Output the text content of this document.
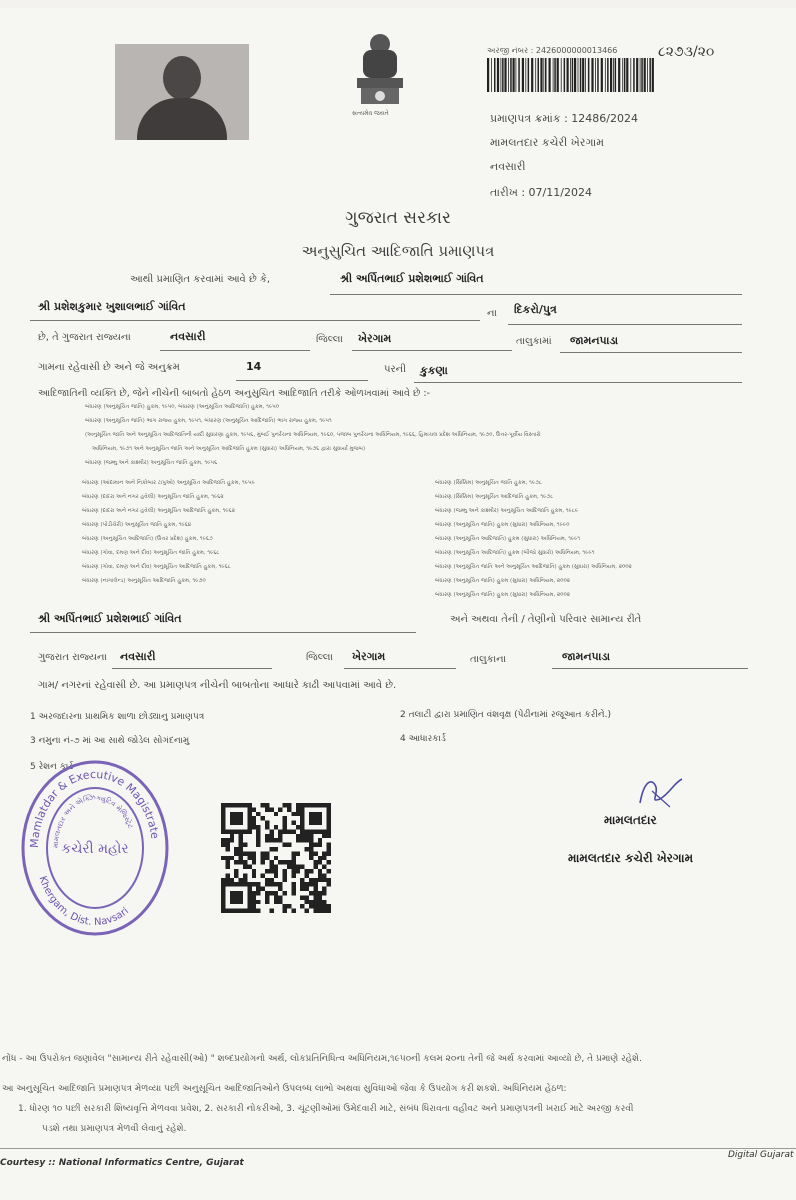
સત્યમેવ જયતે
અરજી નંબર : 2426000000013466	૮૨૭૩/૨૦
પ્રમાણપત્ર ક્રમાંક : 12486/2024
મામલતદાર કચેરી ખેરગામ
નવસારી
તારીખ : 07/11/2024
ગુજરાત સરકાર
અનુસુચિત આદિજાતિ પ્રમાણપત્ર
આથી પ્રમાણિત કરવામાં આવે છે કે,	શ્રી અર્પિતભાઈ પ્રશેશભાઈ ગાંવિત
શ્રી પ્રશેશકુમાર ખુશાલભાઈ ગાંવિત
ના દિકરો/પુત્ર
છે, તે ગુજરાત રાજ્યના	નવસારી	જિલ્લા ખેરગામ	તાલુકામાં જામનપાડા
ગામના રહેવાસી છે અને જે અનુક્રમ	14	પરની કુકણા
આદિજાતિની વ્યક્તિ છે, જેને નીચેની બાબતો હેઠળ અનુસુચિત આદિજાતિ તરીકે ઓળખવામાં આવે છે :-
બંધારણ (અનુસૂચિત જાતિ) હુકમ, ૧૯૫૦, બંધારણ (અનુસૂચિત આદિજાતિ) હુકમ, ૧૯૫૦
બંધારણ (અનુસૂચિત જાતિ) ભાગ રાજ્ય હુકમ, ૧૯૫૧, બંધારણ (અનુસૂચિત આદિજાતિ) ભાગ રાજ્ય હુકમ, ૧૯૫૧
(અનુસૂચિત જાતિ અને અનુસૂચિત આદિજાતિની યાદી સુધારણા હુકમ, ૧૯૫૬, મુંબઈ પુનર્રચના અધિનિયમ, ૧૯૬૦, પંજાબ પુનર્રચના અધિનિયમ, ૧૯૬૬, હિમાચલ પ્રદેશ અધિનિયમ, ૧૯૭૦, ઉત્તર-પૂર્વીય વિસ્તારો
અધિનિયમ, ૧૯૭૧ અને અનુસૂચિત જાતિ અને અનુસૂચિત આદિજાતિ હુકમ (સુધારા) અધિનિયમ, ૧૯૭૬ દ્વારા સુધાર્યા મુજબ)
બંધારણ (જમ્મુ અને કાશ્મીર) અનુસૂચિત જાતિ હુકમ, ૧૯૫૬
બંધારણ (આંદામાન અને નિકોબાર ટાપુઓ) અનુસૂચિત આદિજાતિ હુકમ, ૧૯૫૯
બંધારણ (દાદરા અને નગર હવેલી) અનુસૂચિત જાતિ હુકમ, ૧૯૬૨
બંધારણ (દાદરા અને નગર હવેલી) અનુસૂચિત આદિજાતિ હુકમ, ૧૯૬૨
બંધારણ (પોંડીચેરી) અનુસૂચિત જાતિ હુકમ, ૧૯૬૪
બંધારણ (અનુસૂચિત આદિજાતિ) (ઉત્તર પ્રદેશ) હુકમ, ૧૯૬૭
બંધારણ (ગોવા, દમણ અને દીવ) અનુસૂચિત જાતિ હુકમ, ૧૯૬૮
બંધારણ (ગોવા, દમણ અને દીવ) અનુસૂચિત આદિજાતિ હુકમ, ૧૯૬૮
બંધારણ (નાગાલેન્ડ) અનુસૂચિત આદિજાતિ હુકમ, ૧૯૭૦
બંધારણ (સિક્કિમ) અનુસૂચિત જાતિ હુકમ, ૧૯૭૮
બંધારણ (સિક્કિમ) અનુસૂચિત આદિજાતિ હુકમ, ૧૯૭૮
બંધારણ (જમ્મુ અને કાશ્મીર) અનુસૂચિત આદિજાતિ હુકમ, ૧૯૮૯
બંધારણ (અનુસૂચિત જાતિ) હુકમ (સુધારા) અધિનિયમ, ૧૯૯૦
બંધારણ (અનુસૂચિત આદિજાતિ) હુકમ (સુધારા) અધિનિયમ, ૧૯૯૧
બંધારણ (અનુસૂચિત આદિજાતિ) હુકમ (બીજો સુધારો) અધિનિયમ, ૧૯૯૧
બંધારણ (અનુસૂચિત જાતિ અને અનુસૂચિત આદિજાતિ) હુકમ (સુધારા) અધિનિયમ, ૨૦૦૨
બંધારણ (અનુસૂચિત જાતિ) હુકમ (સુધારા) અધિનિયમ, ૨૦૦૨
બંધારણ (અનુસૂચિત જાતિ) હુકમ (સુધારા) અધિનિયમ, ૨૦૦૨
શ્રી અર્પિતભાઈ પ્રશેશભાઈ ગાંવિત	અને અથવા તેની / તેણીનો પરિવાર સામાન્ય રીતે
ગુજરાત રાજ્યના નવસારી	જિલ્લા ખેરગામ	તાલુકાના	જામનપાડા
ગામ/ નગરનાં રહેવાસી છે. આ પ્રમાણપત્ર નીચેની બાબતોના આધારે કાઢી આપવામાં આવે છે.
1 અરજદારના પ્રાથમિક શાળા છોડ્યાનુ પ્રમાણપત્ર	2 તલાટી દ્વારા પ્રમાણિત વંશવૃક્ષ (પેઢીનામાં રજૂઆત કરીને.)
3 નમુના નં-૭ માં આ સાથે જોડેલ સોગંદનામુ	4 આધારકાર્ડ
5 રેશન કાર્ડ
Mamlatdar & Executive Magistrate
Khergam, Dist. Navsari
મામલતદાર અને એક્ઝિક્યુટિવ મેજિસ્ટ્રેટ
કચેરી મહોર
મામલતદાર
મામલતદાર કચેરી ખેરગામ
નોંધ - આ ઉપરોક્ત જણાવેલ "સામાન્ય રીતે રહેવાસી(ઓ) " શબ્દપ્રયોગનો અર્થ, લોકપ્રતિનિધિત્વ અધિનિયમ,૧૯૫૦ની કલમ ૨૦ના તેની જે અર્થ કરવામાં આવ્યો છે, તે પ્રમાણે રહેશે.
આ અનુસૂચિત આદિજાતિ પ્રમાણપત્ર મેળવ્યા પછી અનુસૂચિત આદિજાતિઓને ઉપલબ્ધ લાભો અથવા સુવિધાઓ જેવા કે ઉપયોગ કરી શકશે. અધિનિયમ હેઠળ:
1. ધોરણ ૧૦ પછી સરકારી શિષ્યવૃત્તિ મેળવવા પ્રવેશ, 2. સરકારી નોકરીઓ, 3. ચૂંટણીઓમાં ઉમેદવારી માટે, સંબંધ ધિરાવતા વહીવટ અને પ્રમાણપત્રની ખરાઈ માટે અરજી કરવી
પડશે તથા પ્રમાણપત્ર મેળવી લેવાનું રહેશે.
Courtesy :: National Informatics Centre, Gujarat
Digital Gujarat
